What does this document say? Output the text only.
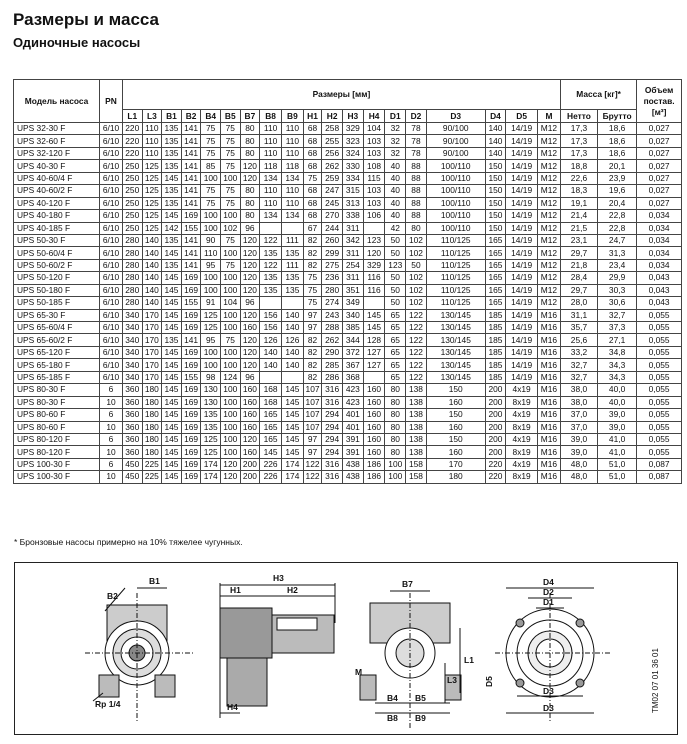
Размеры и масса
Одиночные насосы
Модель насоса	PN	Размеры [мм]																			Масса [кг]*		Объем постав. [м³]
		L1	L3	B1	B2	B4	B5	B7	B8	B9	H1	H2	H3	H4	D1	D2	D3	D4	D5	M	Нетто	Брутто	
UPS 32-30 F	6/10	220	110	135	141	75	75	80	110	110	68	258	329	104	32	78	90/100	140	14/19	M12	17,3	18,6	0,027
UPS 32-60 F	6/10	220	110	135	141	75	75	80	110	110	68	255	323	103	32	78	90/100	140	14/19	M12	17,3	18,6	0,027
UPS 32-120 F	6/10	220	110	135	141	75	75	80	110	110	68	256	324	103	32	78	90/100	140	14/19	M12	17,3	18,6	0,027
UPS 40-30 F	6/10	250	125	135	141	85	75	120	118	118	68	262	330	108	40	88	100/110	150	14/19	M12	18,8	20,1	0,027
UPS 40-60/4 F	6/10	250	125	145	141	100	100	120	134	134	75	259	334	115	40	88	100/110	150	14/19	M12	22,6	23,9	0,027
UPS 40-60/2 F	6/10	250	125	135	141	75	75	80	110	110	68	247	315	103	40	88	100/110	150	14/19	M12	18,3	19,6	0,027
UPS 40-120 F	6/10	250	125	135	141	75	75	80	110	110	68	245	313	103	40	88	100/110	150	14/19	M12	19,1	20,4	0,027
UPS 40-180 F	6/10	250	125	145	169	100	100	80	134	134	68	270	338	106	40	88	100/110	150	14/19	M12	21,4	22,8	0,034
UPS 40-185 F	6/10	250	125	142	155	100	102	96			67	244	311		42	80	100/110	150	14/19	M12	21,5	22,8	0,034
UPS 50-30 F	6/10	280	140	135	141	90	75	120	122	111	82	260	342	123	50	102	110/125	165	14/19	M12	23,1	24,7	0,034
UPS 50-60/4 F	6/10	280	140	145	141	110	100	120	135	135	82	299	311	120	50	102	110/125	165	14/19	M12	29,7	31,3	0,034
UPS 50-60/2 F	6/10	280	140	135	141	95	75	120	122	111	82	275	254	329	123	50	110/125	165	14/19	M12	21,8	23,4	0,034
UPS 50-120 F	6/10	280	140	145	169	100	100	120	135	135	75	236	311	116	50	102	110/125	165	14/19	M12	28,4	29,9	0,043
UPS 50-180 F	6/10	280	140	145	169	100	100	120	135	135	75	280	351	116	50	102	110/125	165	14/19	M12	29,7	30,3	0,043
UPS 50-185 F	6/10	280	140	145	155	91	104	96			75	274	349		50	102	110/125	165	14/19	M12	28,0	30,6	0,043
UPS 65-30 F	6/10	340	170	145	169	125	100	120	156	140	97	243	340	145	65	122	130/145	185	14/19	M16	31,1	32,7	0,055
UPS 65-60/4 F	6/10	340	170	145	169	125	100	160	156	140	97	288	385	145	65	122	130/145	185	14/19	M16	35,7	37,3	0,055
UPS 65-60/2 F	6/10	340	170	135	141	95	75	120	126	126	82	262	344	128	65	122	130/145	185	14/19	M16	25,6	27,1	0,055
UPS 65-120 F	6/10	340	170	145	169	100	100	120	140	140	82	290	372	127	65	122	130/145	185	14/19	M16	33,2	34,8	0,055
UPS 65-180 F	6/10	340	170	145	169	100	100	120	140	140	82	285	367	127	65	122	130/145	185	14/19	M16	32,7	34,3	0,055
UPS 65-185 F	6/10	340	170	145	155	98	124	96			82	286	368		65	122	130/145	185	14/19	M16	32,7	34,3	0,055
UPS 80-30 F	6	360	180	145	169	130	100	160	168	145	107	316	423	160	80	138	150	200	4x19	M16	38,0	40,0	0,055
UPS 80-30 F	10	360	180	145	169	130	100	160	168	145	107	316	423	160	80	138	160	200	8x19	M16	38,0	40,0	0,055
UPS 80-60 F	6	360	180	145	169	135	100	160	165	145	107	294	401	160	80	138	150	200	4x19	M16	37,0	39,0	0,055
UPS 80-60 F	10	360	180	145	169	135	100	160	165	145	107	294	401	160	80	138	160	200	8x19	M16	37,0	39,0	0,055
UPS 80-120 F	6	360	180	145	169	125	100	120	165	145	97	294	391	160	80	138	150	200	4x19	M16	39,0	41,0	0,055
UPS 80-120 F	10	360	180	145	169	125	100	160	145	145	97	294	391	160	80	138	160	200	8x19	M16	39,0	41,0	0,055
UPS 100-30 F	6	450	225	145	169	174	120	200	226	174	122	316	438	186	100	158	170	220	4x19	M16	48,0	51,0	0,087
UPS 100-30 F	10	450	225	145	169	174	120	200	226	174	122	316	438	186	100	158	180	220	8x19	M16	48,0	51,0	0,087

* Бронзовые насосы примерно на 10% тяжелее чугунных.

B1
B2
Rp 1/4
H3
H1	H2
H4
B7
M
L1
L3
B4 B5
B8 B9
D4
D2
D1
D3
D3
D5	TM02 07 01 36 01
